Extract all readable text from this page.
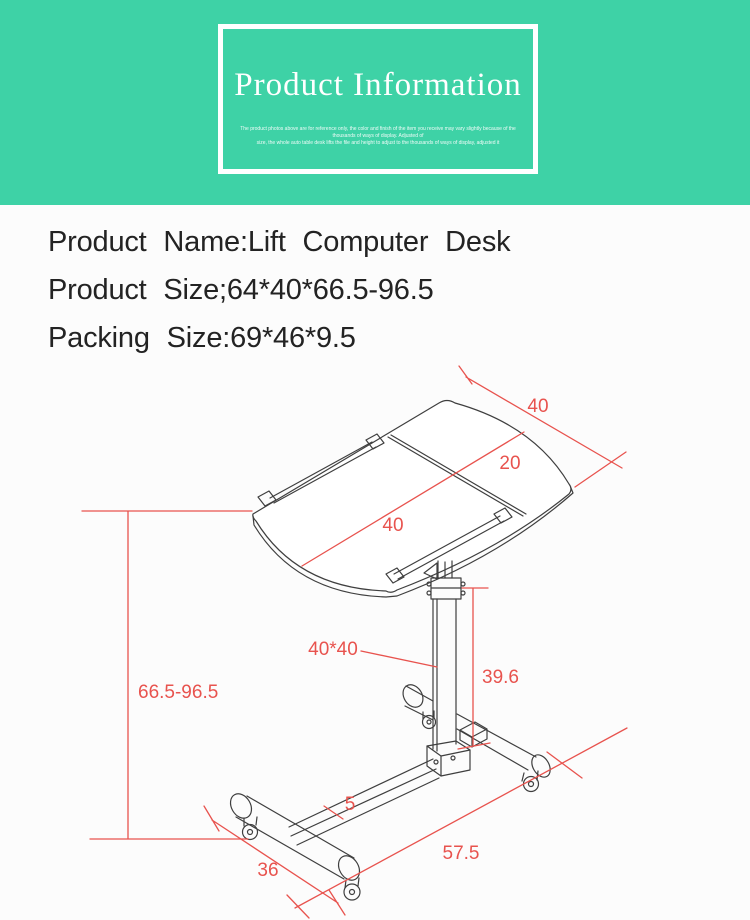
Product Information

The product photos above are for reference only, the color and finish of the item you receive may vary slightly because of the thousands of ways of display. Adjusted of
size, the whole auto table desk lifts the file and height to adjust to the thousands of ways of display, adjusted it

Product Name:Lift Computer Desk

Product Size;64*40*66.5-96.5

Packing Size:69*46*9.5

40
40
20
66.5-96.5
40*40
39.6
5
57.5
36
